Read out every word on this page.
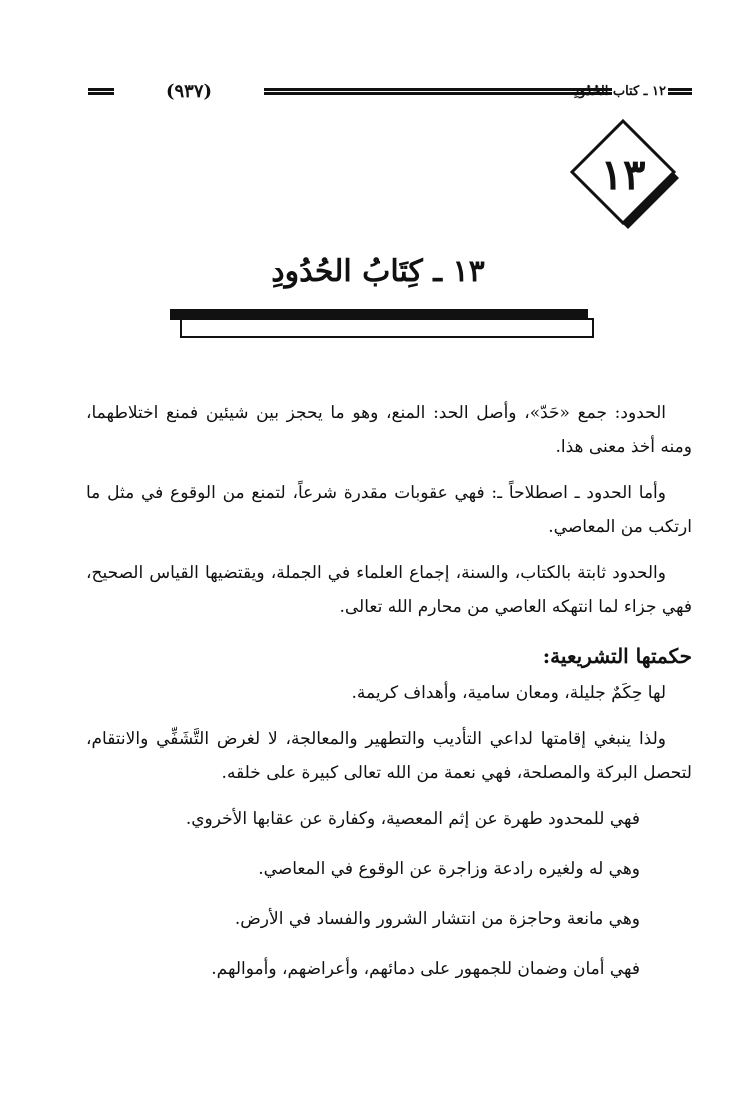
(٩٣٧)	١٢ ـ كتاب الحُدُودِ
١٣
١٣ ـ كِتَابُ الحُدُودِ

الحدود: جمع «حَدّ»، وأصل الحد: المنع، وهو ما يحجز بين شيئين فمنع اختلاطهما، ومنه أخذ معنى هذا.

وأما الحدود ـ اصطلاحاً ـ: فهي عقوبات مقدرة شرعاً، لتمنع من الوقوع في مثل ما ارتكب من المعاصي.

والحدود ثابتة بالكتاب، والسنة، إجماع العلماء في الجملة، ويقتضيها القياس الصحيح، فهي جزاء لما انتهكه العاصي من محارم الله تعالى.

حكمتها التشريعية:

لها حِكَمٌ جليلة، ومعان سامية، وأهداف كريمة.

ولذا ينبغي إقامتها لداعي التأديب والتطهير والمعالجة، لا لغرض التَّشَفِّي والانتقام، لتحصل البركة والمصلحة، فهي نعمة من الله تعالى كبيرة على خلقه.

فهي للمحدود طهرة عن إثم المعصية، وكفارة عن عقابها الأخروي.

وهي له ولغيره رادعة وزاجرة عن الوقوع في المعاصي.

وهي مانعة وحاجزة من انتشار الشرور والفساد في الأرض.

فهي أمان وضمان للجمهور على دمائهم، وأعراضهم، وأموالهم.
